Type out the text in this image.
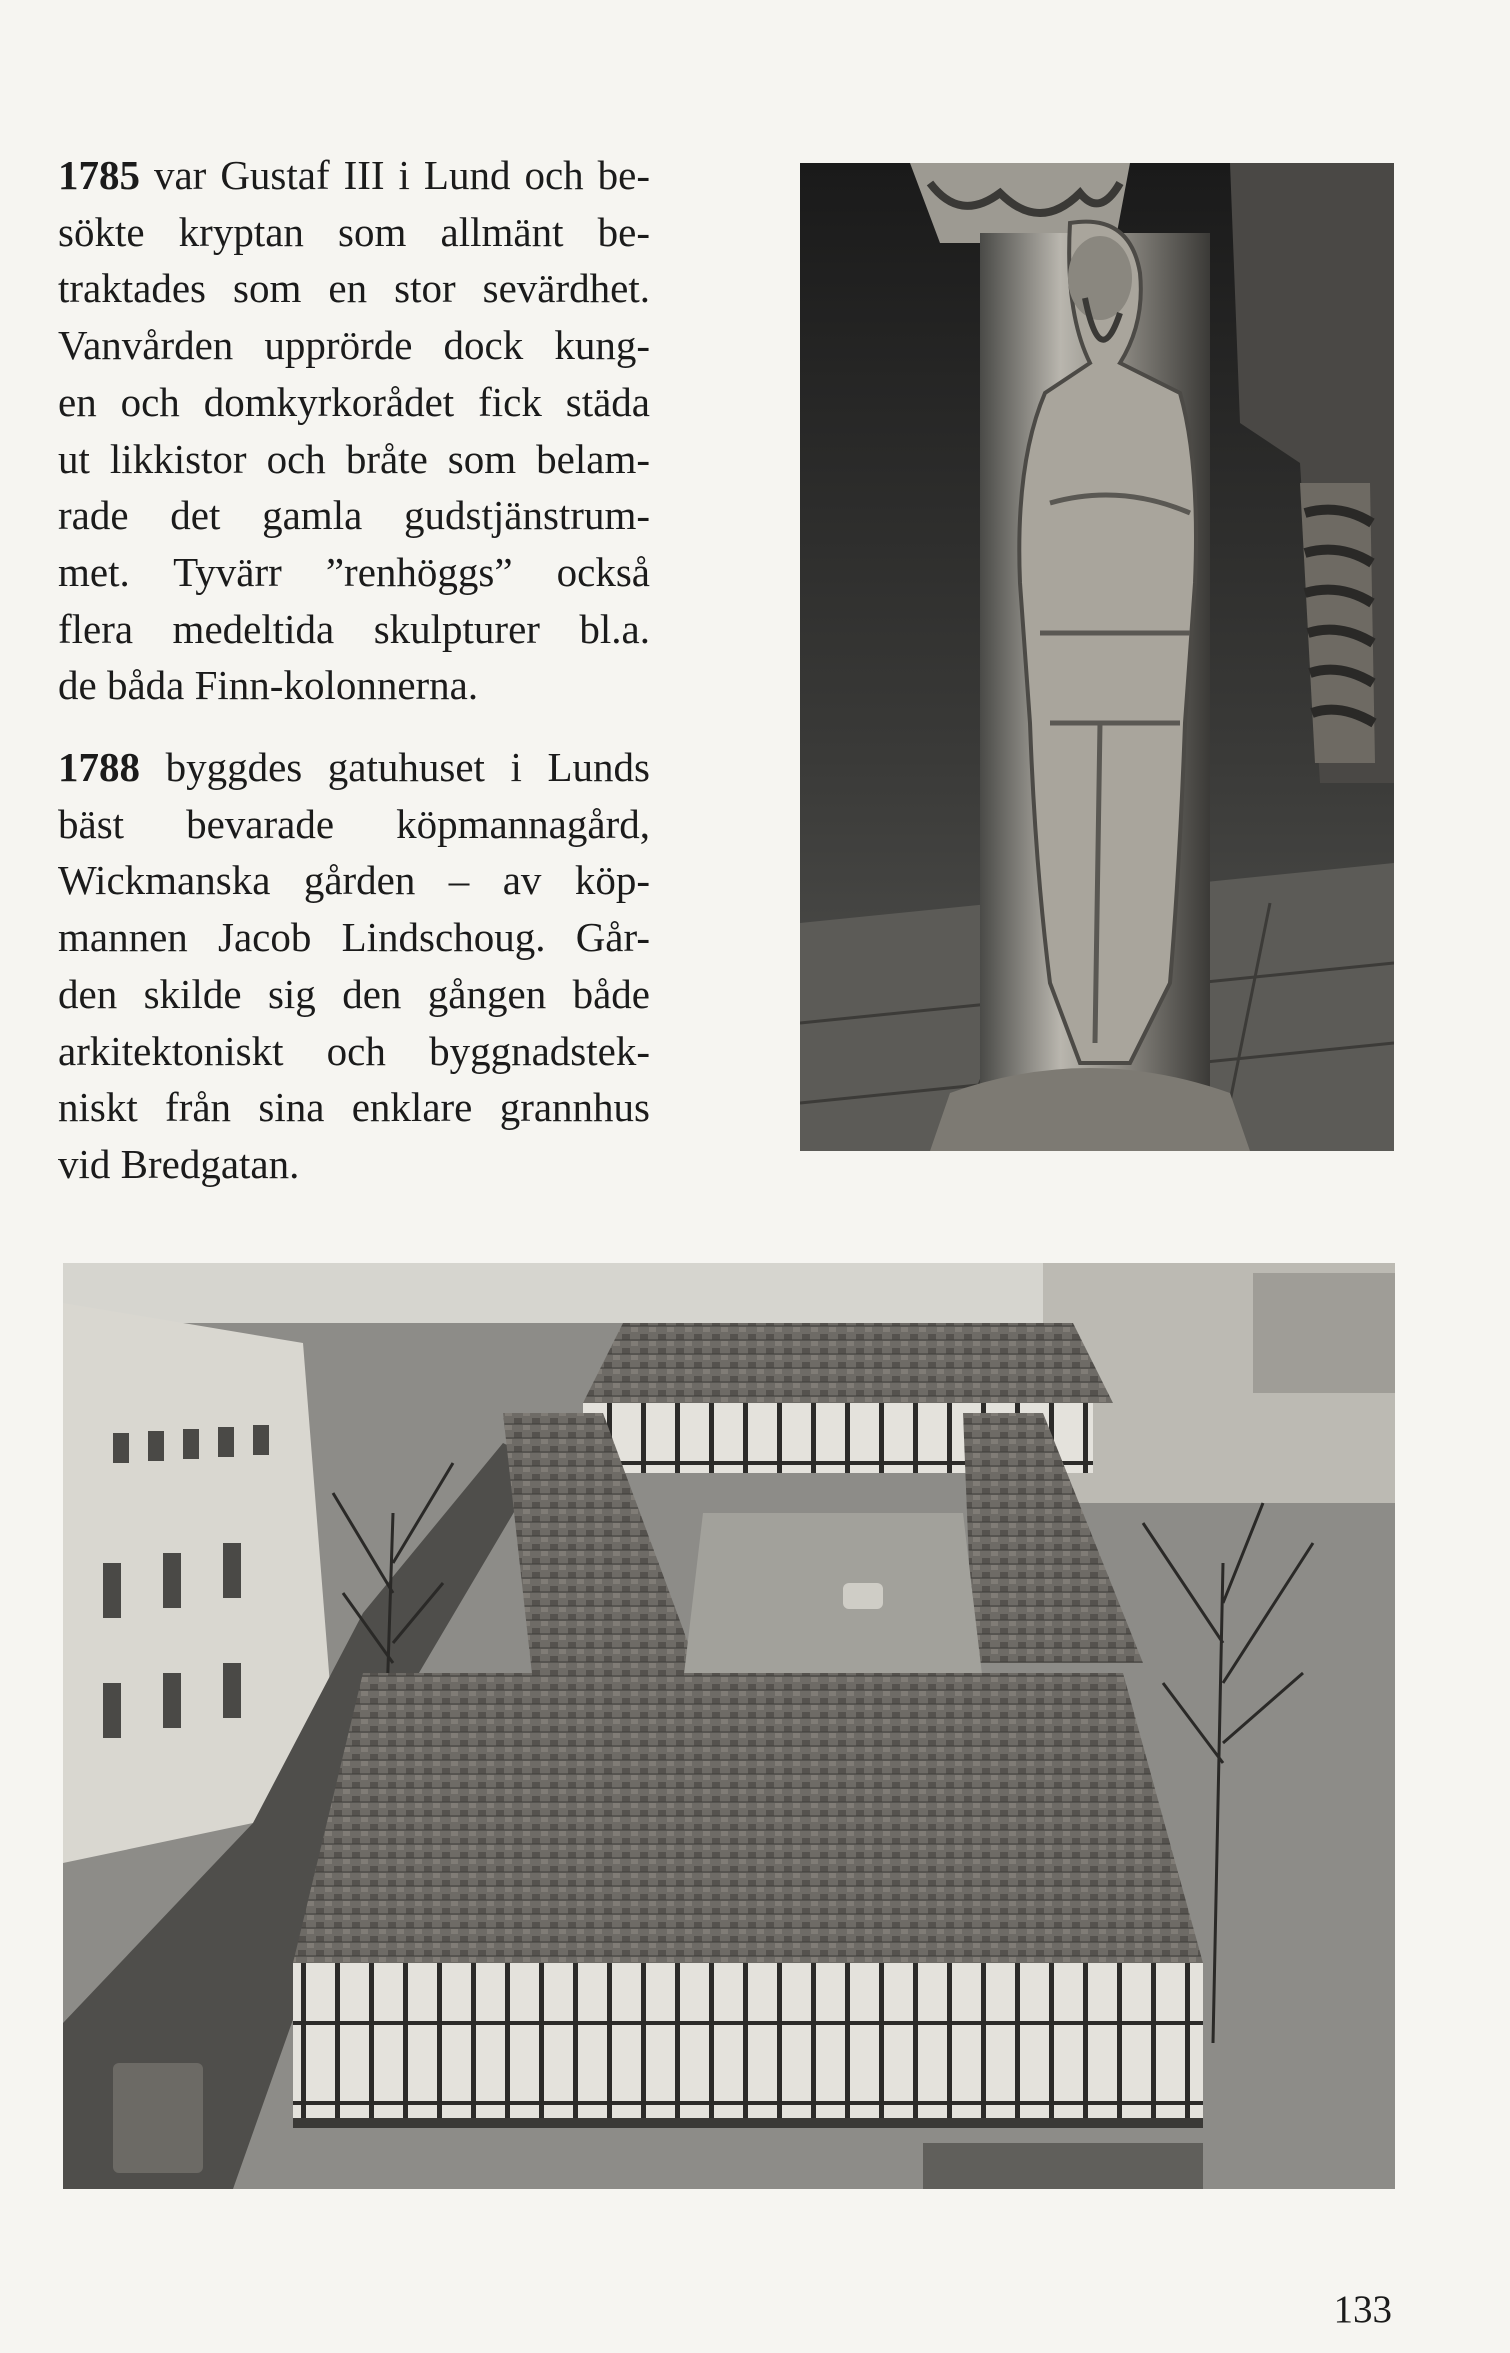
1785 var Gustaf III i Lund och be-
sökte kryptan som allmänt be-
traktades som en stor sevärdhet.
Vanvården upprörde dock kung-
en och domkyrkorådet fick städa
ut likkistor och bråte som belam-
rade det gamla gudstjänstrum-
met. Tyvärr ”renhöggs” också
flera medeltida skulpturer bl.a.
de båda Finn-kolonnerna.

1788 byggdes gatuhuset i Lunds
bäst bevarade köpmannagård,
Wickmanska gården – av köp-
mannen Jacob Lindschoug. Går-
den skilde sig den gången både
arkitektoniskt och byggnadstek-
niskt från sina enklare grannhus
vid Bredgatan.

133
